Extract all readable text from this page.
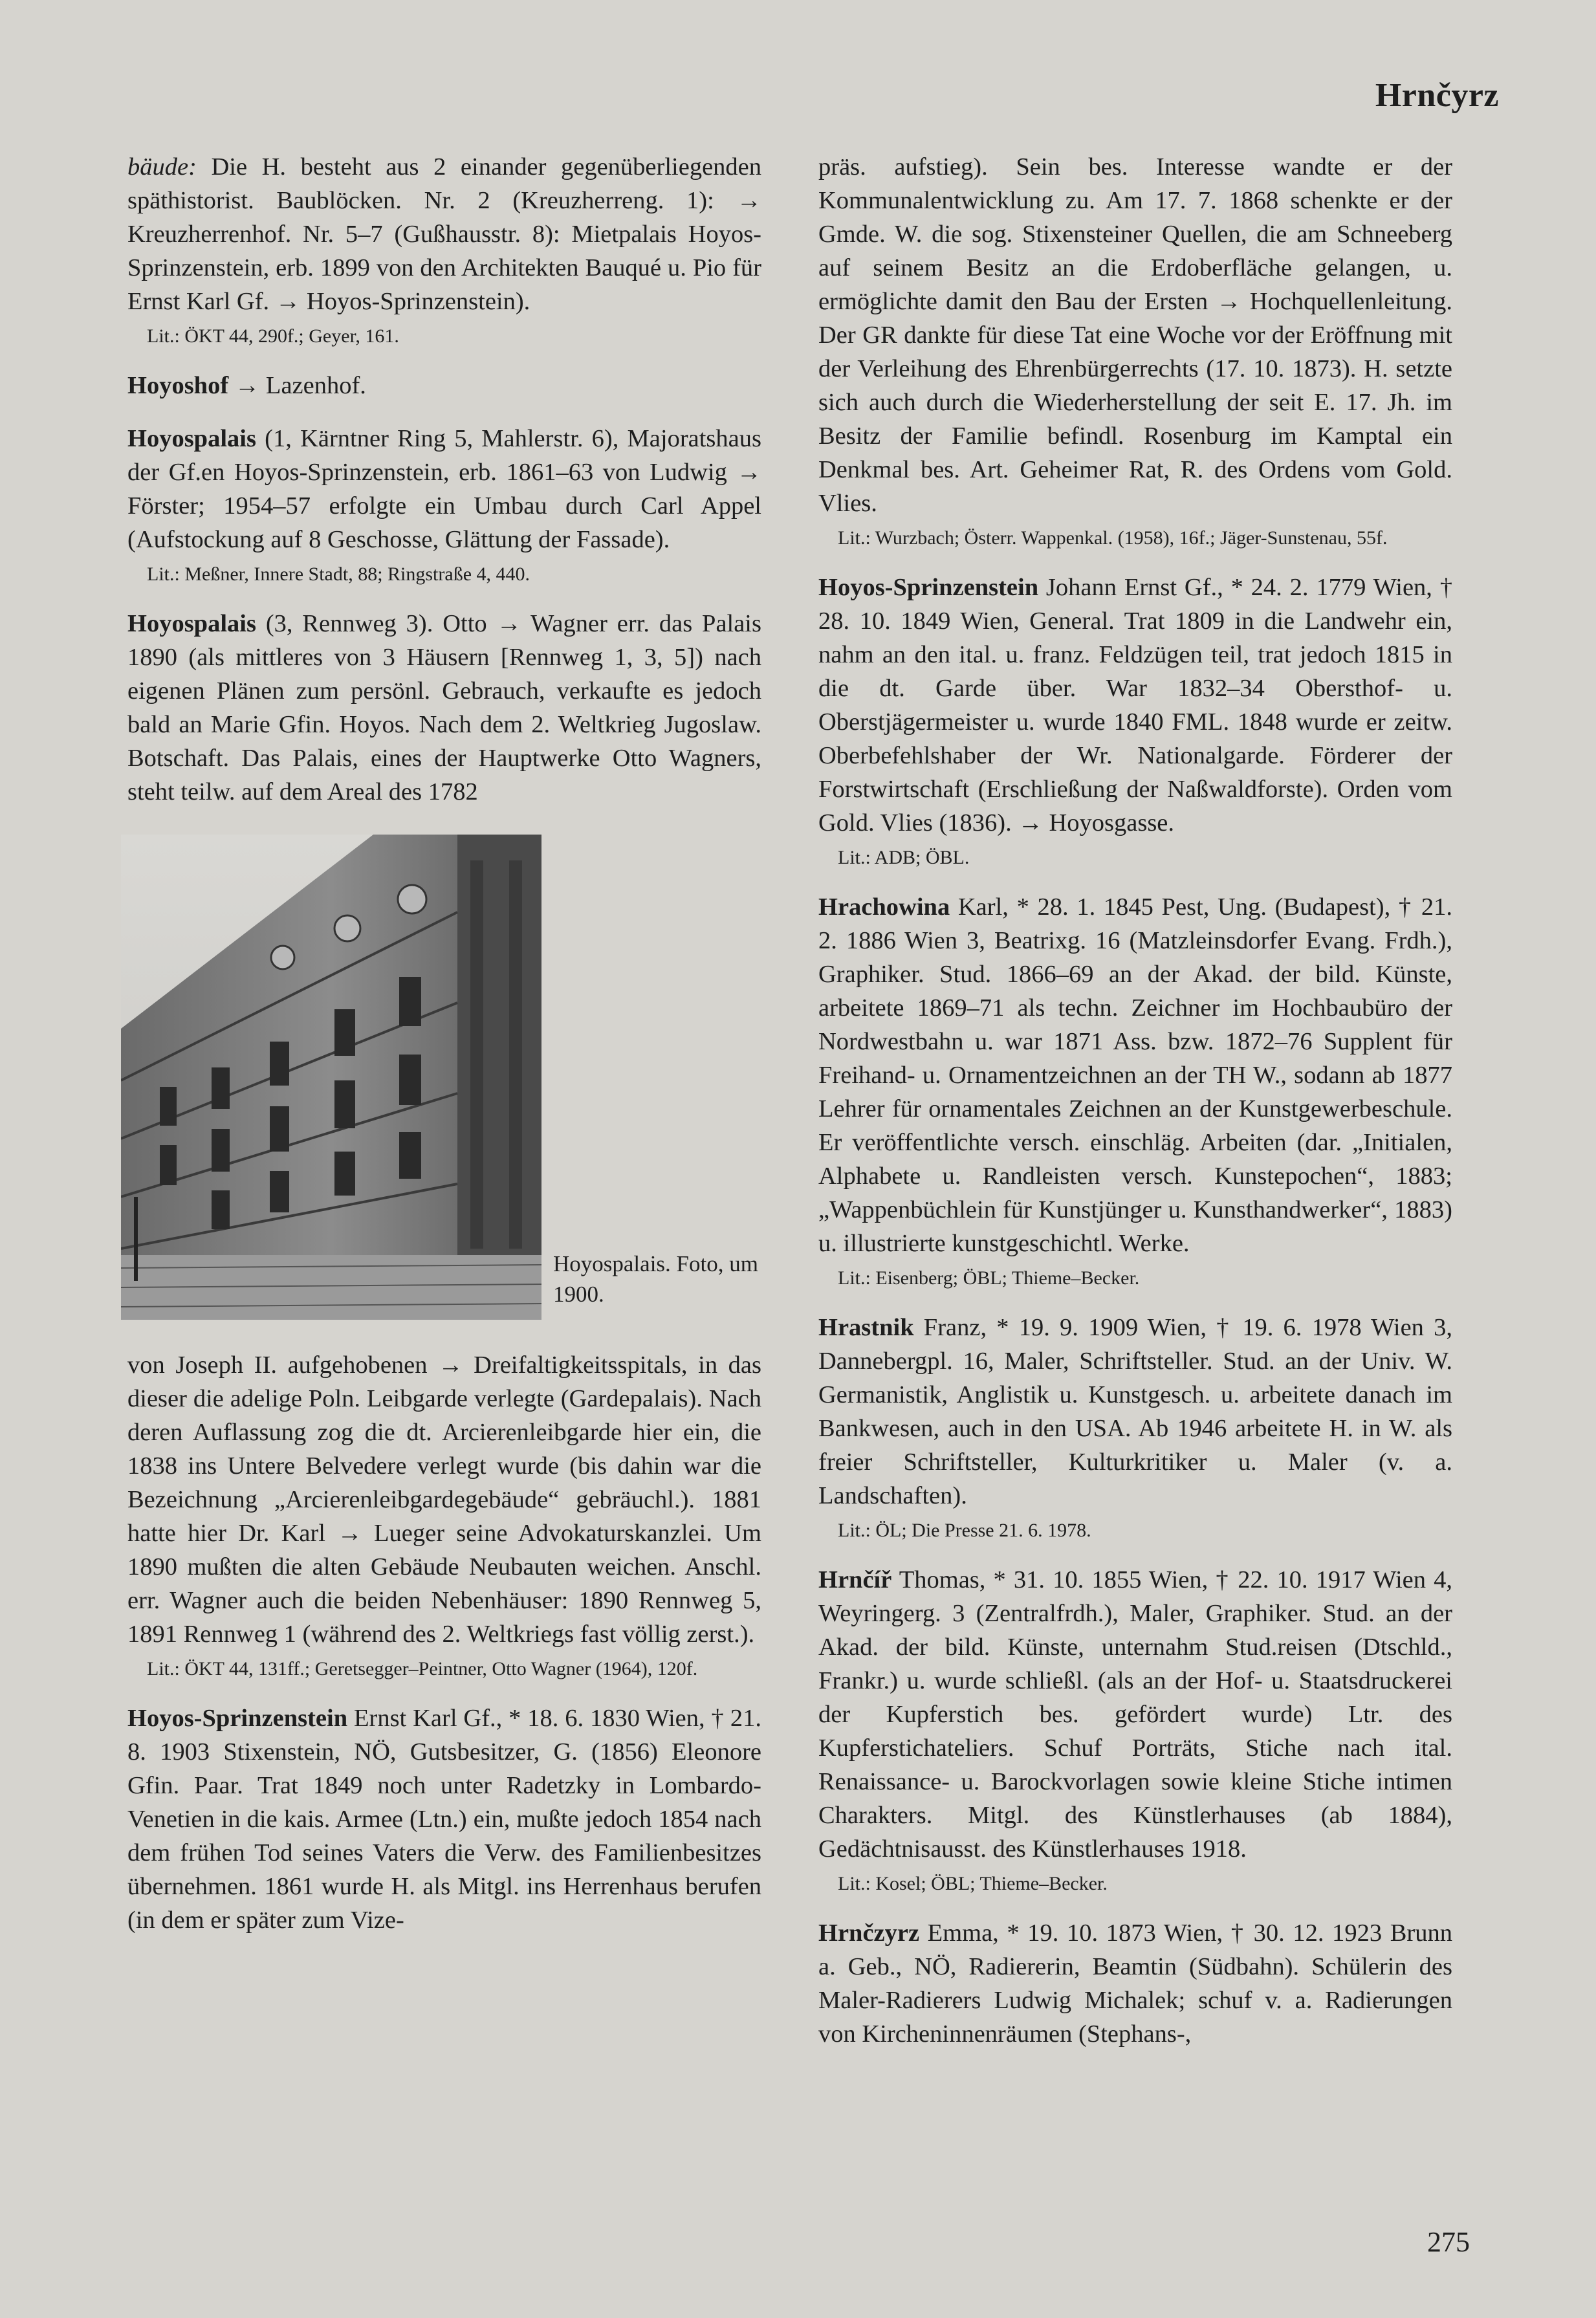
Hrnčyrz

bäude: Die H. besteht aus 2 einander gegenüberliegenden späthistorist. Baublöcken. Nr. 2 (Kreuzherreng. 1): → Kreuzherrenhof. Nr. 5–7 (Gußhausstr. 8): Mietpalais Hoyos-Sprinzenstein, erb. 1899 von den Architekten Bauqué u. Pio für Ernst Karl Gf. → Hoyos-Sprinzenstein).

Lit.: ÖKT 44, 290f.; Geyer, 161.

Hoyoshof → Lazenhof.

Hoyospalais (1, Kärntner Ring 5, Mahlerstr. 6), Majoratshaus der Gf.en Hoyos-Sprinzenstein, erb. 1861–63 von Ludwig → Förster; 1954–57 erfolgte ein Umbau durch Carl Appel (Aufstockung auf 8 Geschosse, Glättung der Fassade).

Lit.: Meßner, Innere Stadt, 88; Ringstraße 4, 440.

Hoyospalais (3, Rennweg 3). Otto → Wagner err. das Palais 1890 (als mittleres von 3 Häusern [Rennweg 1, 3, 5]) nach eigenen Plänen zum persönl. Gebrauch, verkaufte es jedoch bald an Marie Gfin. Hoyos. Nach dem 2. Weltkrieg Jugoslaw. Botschaft. Das Palais, eines der Hauptwerke Otto Wagners, steht teilw. auf dem Areal des 1782

Hoyospalais. Foto, um 1900.

von Joseph II. aufgehobenen → Dreifaltigkeitsspitals, in das dieser die adelige Poln. Leibgarde verlegte (Gardepalais). Nach deren Auflassung zog die dt. Arcierenleibgarde hier ein, die 1838 ins Untere Belvedere verlegt wurde (bis dahin war die Bezeichnung „Arcierenleibgardegebäude“ gebräuchl.). 1881 hatte hier Dr. Karl → Lueger seine Advokaturskanzlei. Um 1890 mußten die alten Gebäude Neubauten weichen. Anschl. err. Wagner auch die beiden Nebenhäuser: 1890 Rennweg 5, 1891 Rennweg 1 (während des 2. Weltkriegs fast völlig zerst.).

Lit.: ÖKT 44, 131ff.; Geretsegger–Peintner, Otto Wagner (1964), 120f.

Hoyos-Sprinzenstein Ernst Karl Gf., * 18. 6. 1830 Wien, † 21. 8. 1903 Stixenstein, NÖ, Gutsbesitzer, G. (1856) Eleonore Gfin. Paar. Trat 1849 noch unter Radetzky in Lombardo-Venetien in die kais. Armee (Ltn.) ein, mußte jedoch 1854 nach dem frühen Tod seines Vaters die Verw. des Familienbesitzes übernehmen. 1861 wurde H. als Mitgl. ins Herrenhaus berufen (in dem er später zum Vize-

präs. aufstieg). Sein bes. Interesse wandte er der Kommunalentwicklung zu. Am 17. 7. 1868 schenkte er der Gmde. W. die sog. Stixensteiner Quellen, die am Schneeberg auf seinem Besitz an die Erdoberfläche gelangen, u. ermöglichte damit den Bau der Ersten → Hochquellenleitung. Der GR dankte für diese Tat eine Woche vor der Eröffnung mit der Verleihung des Ehrenbürgerrechts (17. 10. 1873). H. setzte sich auch durch die Wiederherstellung der seit E. 17. Jh. im Besitz der Familie befindl. Rosenburg im Kamptal ein Denkmal bes. Art. Geheimer Rat, R. des Ordens vom Gold. Vlies.

Lit.: Wurzbach; Österr. Wappenkal. (1958), 16f.; Jäger-Sunstenau, 55f.

Hoyos-Sprinzenstein Johann Ernst Gf., * 24. 2. 1779 Wien, † 28. 10. 1849 Wien, General. Trat 1809 in die Landwehr ein, nahm an den ital. u. franz. Feldzügen teil, trat jedoch 1815 in die dt. Garde über. War 1832–34 Obersthof- u. Oberstjägermeister u. wurde 1840 FML. 1848 wurde er zeitw. Oberbefehlshaber der Wr. Nationalgarde. Förderer der Forstwirtschaft (Erschließung der Naßwaldforste). Orden vom Gold. Vlies (1836). → Hoyosgasse.

Lit.: ADB; ÖBL.

Hrachowina Karl, * 28. 1. 1845 Pest, Ung. (Budapest), † 21. 2. 1886 Wien 3, Beatrixg. 16 (Matzleinsdorfer Evang. Frdh.), Graphiker. Stud. 1866–69 an der Akad. der bild. Künste, arbeitete 1869–71 als techn. Zeichner im Hochbaubüro der Nordwestbahn u. war 1871 Ass. bzw. 1872–76 Supplent für Freihand- u. Ornamentzeichnen an der TH W., sodann ab 1877 Lehrer für ornamentales Zeichnen an der Kunstgewerbeschule. Er veröffentlichte versch. einschläg. Arbeiten (dar. „Initialen, Alphabete u. Randleisten versch. Kunstepochen“, 1883; „Wappenbüchlein für Kunstjünger u. Kunsthandwerker“, 1883) u. illustrierte kunstgeschichtl. Werke.

Lit.: Eisenberg; ÖBL; Thieme–Becker.

Hrastnik Franz, * 19. 9. 1909 Wien, † 19. 6. 1978 Wien 3, Dannebergpl. 16, Maler, Schriftsteller. Stud. an der Univ. W. Germanistik, Anglistik u. Kunstgesch. u. arbeitete danach im Bankwesen, auch in den USA. Ab 1946 arbeitete H. in W. als freier Schriftsteller, Kulturkritiker u. Maler (v. a. Landschaften).

Lit.: ÖL; Die Presse 21. 6. 1978.

Hrnčíř Thomas, * 31. 10. 1855 Wien, † 22. 10. 1917 Wien 4, Weyringerg. 3 (Zentralfrdh.), Maler, Graphiker. Stud. an der Akad. der bild. Künste, unternahm Stud.reisen (Dtschld., Frankr.) u. wurde schließl. (als an der Hof- u. Staatsdruckerei der Kupferstich bes. gefördert wurde) Ltr. des Kupferstichateliers. Schuf Porträts, Stiche nach ital. Renaissance- u. Barockvorlagen sowie kleine Stiche intimen Charakters. Mitgl. des Künstlerhauses (ab 1884), Gedächtnisausst. des Künstlerhauses 1918.

Lit.: Kosel; ÖBL; Thieme–Becker.

Hrnčzyrz Emma, * 19. 10. 1873 Wien, † 30. 12. 1923 Brunn a. Geb., NÖ, Radiererin, Beamtin (Südbahn). Schülerin des Maler-Radierers Ludwig Michalek; schuf v. a. Radierungen von Kircheninnenräumen (Stephans-,

275
